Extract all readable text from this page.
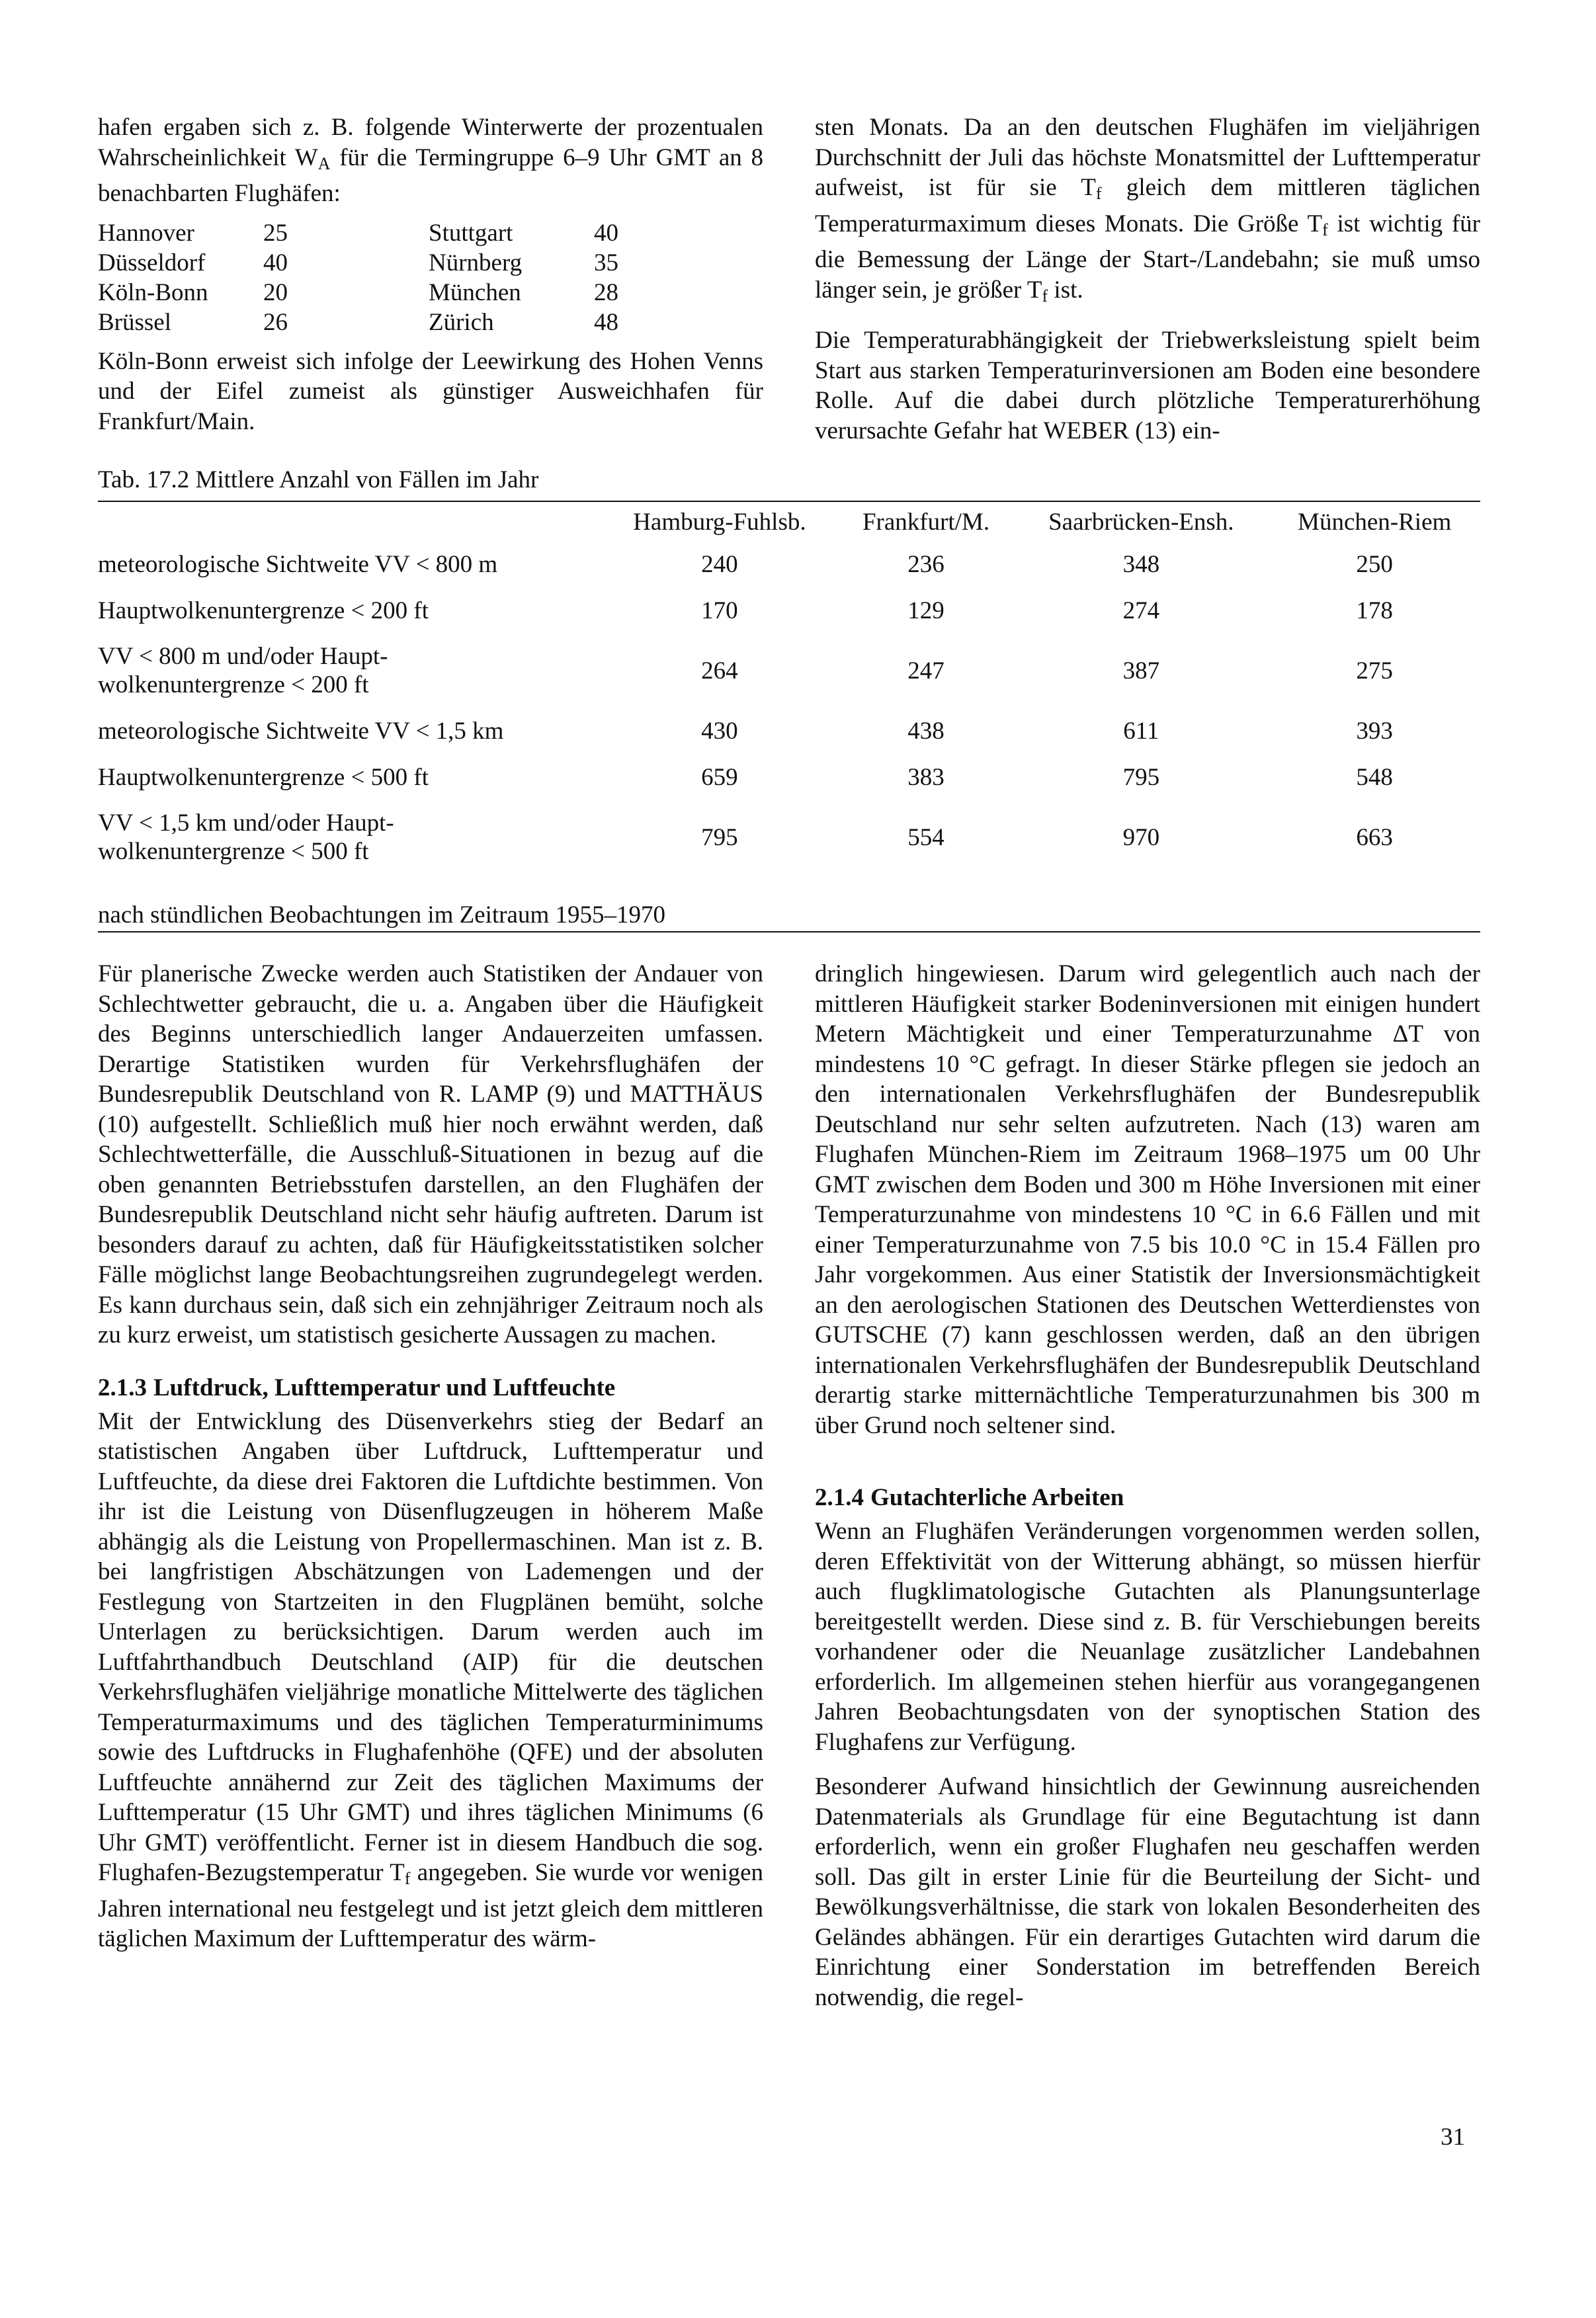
hafen ergaben sich z. B. folgende Winterwerte der prozentualen Wahrscheinlichkeit $W_A$ für die Termingruppe 6–9 Uhr GMT an 8 benachbarten Flughäfen:

Hannover	25	Stuttgart	40
Düsseldorf	40	Nürnberg	35
Köln-Bonn	20	München	28
Brüssel	26	Zürich	48

Köln-Bonn erweist sich infolge der Leewirkung des Hohen Venns und der Eifel zumeist als günstiger Ausweichhafen für Frankfurt/Main.

sten Monats. Da an den deutschen Flughäfen im vieljährigen Durchschnitt der Juli das höchste Monatsmittel der Lufttemperatur aufweist, ist für sie $T_f$ gleich dem mittleren täglichen Temperaturmaximum dieses Monats. Die Größe $T_f$ ist wichtig für die Bemessung der Länge der Start-/Landebahn; sie muß umso länger sein, je größer $T_f$ ist.

Die Temperaturabhängigkeit der Triebwerksleistung spielt beim Start aus starken Temperaturinversionen am Boden eine besondere Rolle. Auf die dabei durch plötzliche Temperaturerhöhung verursachte Gefahr hat WEBER (13) ein-

Tab. 17.2 Mittlere Anzahl von Fällen im Jahr
	Hamburg-Fuhlsb.	Frankfurt/M.	Saarbrücken-Ensh.	München-Riem
meteorologische Sichtweite VV < 800 m	240	236	348	250
Hauptwolkenuntergrenze < 200 ft	170	129	274	178
VV < 800 m und/oder Haupt-
wolkenuntergrenze < 200 ft	264	247	387	275
meteorologische Sichtweite VV < 1,5 km	430	438	611	393
Hauptwolkenuntergrenze < 500 ft	659	383	795	548
VV < 1,5 km und/oder Haupt-
wolkenuntergrenze < 500 ft	795	554	970	663
nach stündlichen Beobachtungen im Zeitraum 1955–1970

Für planerische Zwecke werden auch Statistiken der Andauer von Schlechtwetter gebraucht, die u. a. Angaben über die Häufigkeit des Beginns unterschiedlich langer Andauerzeiten umfassen. Derartige Statistiken wurden für Verkehrsflughäfen der Bundesrepublik Deutschland von R. LAMP (9) und MATTHÄUS (10) aufgestellt. Schließlich muß hier noch erwähnt werden, daß Schlechtwetterfälle, die Ausschluß-Situationen in bezug auf die oben genannten Betriebsstufen darstellen, an den Flughäfen der Bundesrepublik Deutschland nicht sehr häufig auftreten. Darum ist besonders darauf zu achten, daß für Häufigkeitsstatistiken solcher Fälle möglichst lange Beobachtungsreihen zugrundegelegt werden. Es kann durchaus sein, daß sich ein zehnjähriger Zeitraum noch als zu kurz erweist, um statistisch gesicherte Aussagen zu machen.

2.1.3 Luftdruck, Lufttemperatur und Luftfeuchte

Mit der Entwicklung des Düsenverkehrs stieg der Bedarf an statistischen Angaben über Luftdruck, Lufttemperatur und Luftfeuchte, da diese drei Faktoren die Luftdichte bestimmen. Von ihr ist die Leistung von Düsenflugzeugen in höherem Maße abhängig als die Leistung von Propellermaschinen. Man ist z. B. bei langfristigen Abschätzungen von Lademengen und der Festlegung von Startzeiten in den Flugplänen bemüht, solche Unterlagen zu berücksichtigen. Darum werden auch im Luftfahrthandbuch Deutschland (AIP) für die deutschen Verkehrsflughäfen vieljährige monatliche Mittelwerte des täglichen Temperaturmaximums und des täglichen Temperaturminimums sowie des Luftdrucks in Flughafenhöhe (QFE) und der absoluten Luftfeuchte annähernd zur Zeit des täglichen Maximums der Lufttemperatur (15 Uhr GMT) und ihres täglichen Minimums (6 Uhr GMT) veröffentlicht. Ferner ist in diesem Handbuch die sog. Flughafen-Bezugstemperatur $T_f$ angegeben. Sie wurde vor wenigen Jahren international neu festgelegt und ist jetzt gleich dem mittleren täglichen Maximum der Lufttemperatur des wärm-

dringlich hingewiesen. Darum wird gelegentlich auch nach der mittleren Häufigkeit starker Bodeninversionen mit einigen hundert Metern Mächtigkeit und einer Temperaturzunahme ΔT von mindestens 10 °C gefragt. In dieser Stärke pflegen sie jedoch an den internationalen Verkehrsflughäfen der Bundesrepublik Deutschland nur sehr selten aufzutreten. Nach (13) waren am Flughafen München-Riem im Zeitraum 1968–1975 um 00 Uhr GMT zwischen dem Boden und 300 m Höhe Inversionen mit einer Temperaturzunahme von mindestens 10 °C in 6.6 Fällen und mit einer Temperaturzunahme von 7.5 bis 10.0 °C in 15.4 Fällen pro Jahr vorgekommen. Aus einer Statistik der Inversionsmächtigkeit an den aerologischen Stationen des Deutschen Wetterdienstes von GUTSCHE (7) kann geschlossen werden, daß an den übrigen internationalen Verkehrsflughäfen der Bundesrepublik Deutschland derartig starke mitternächtliche Temperaturzunahmen bis 300 m über Grund noch seltener sind.

2.1.4 Gutachterliche Arbeiten

Wenn an Flughäfen Veränderungen vorgenommen werden sollen, deren Effektivität von der Witterung abhängt, so müssen hierfür auch flugklimatologische Gutachten als Planungsunterlage bereitgestellt werden. Diese sind z. B. für Verschiebungen bereits vorhandener oder die Neuanlage zusätzlicher Landebahnen erforderlich. Im allgemeinen stehen hierfür aus vorangegangenen Jahren Beobachtungsdaten von der synoptischen Station des Flughafens zur Verfügung.

Besonderer Aufwand hinsichtlich der Gewinnung ausreichenden Datenmaterials als Grundlage für eine Begutachtung ist dann erforderlich, wenn ein großer Flughafen neu geschaffen werden soll. Das gilt in erster Linie für die Beurteilung der Sicht- und Bewölkungsverhältnisse, die stark von lokalen Besonderheiten des Geländes abhängen. Für ein derartiges Gutachten wird darum die Einrichtung einer Sonderstation im betreffenden Bereich notwendig, die regel-

31
